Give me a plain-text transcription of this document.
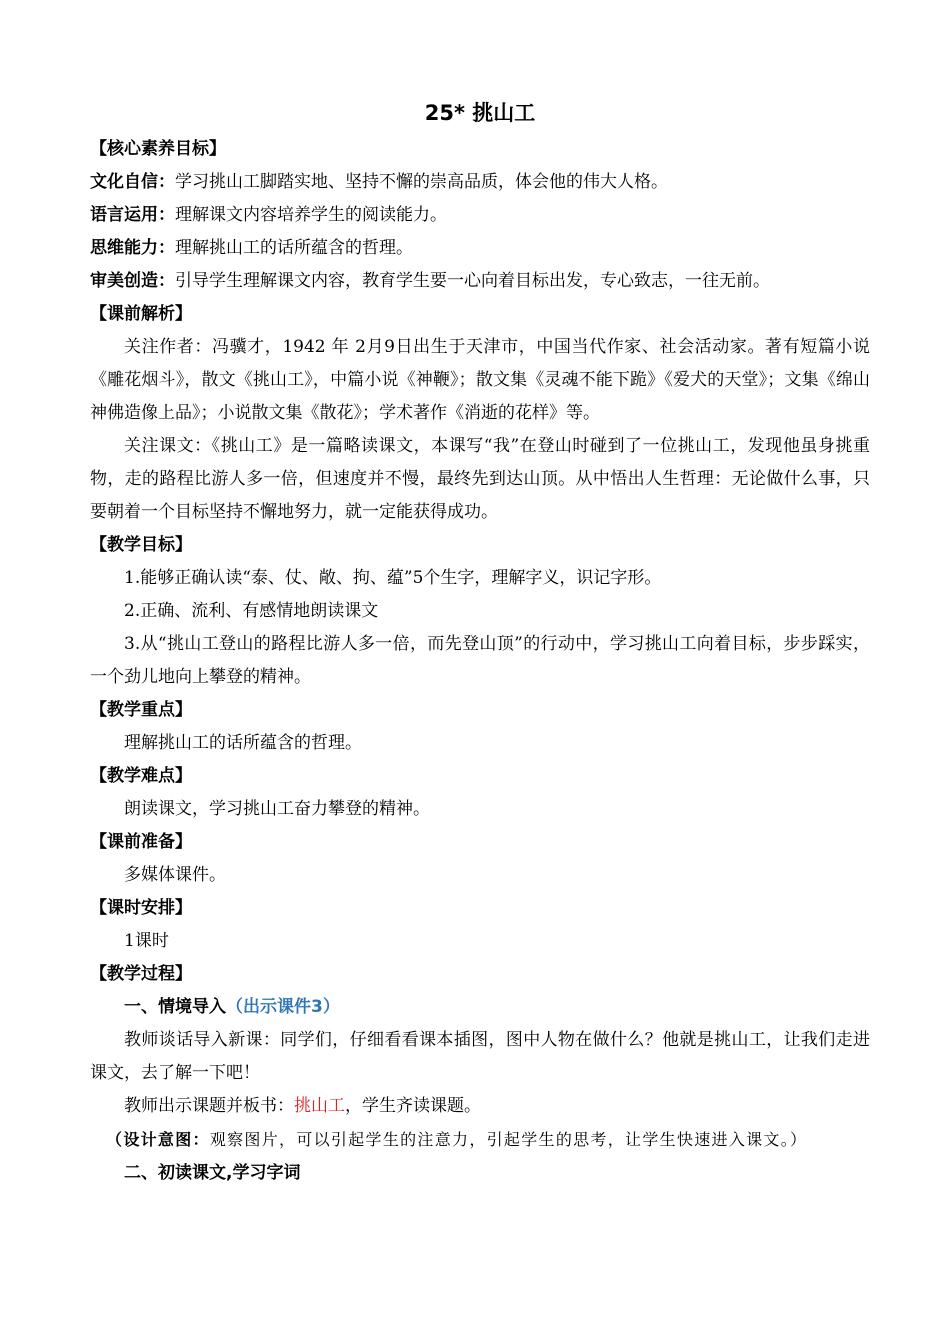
25* 挑山工

【核心素养目标】

文化自信：学习挑山工脚踏实地、坚持不懈的崇高品质，体会他的伟大人格。

语言运用：理解课文内容培养学生的阅读能力。

思维能力：理解挑山工的话所蕴含的哲理。

审美创造：引导学生理解课文内容，教育学生要一心向着目标出发，专心致志，一往无前。

【课前解析】

关注作者：冯骥才，1942 年 2月9日出生于天津市，中国当代作家、社会活动家。著有短篇小说《雕花烟斗》，散文《挑山工》，中篇小说《神鞭》；散文集《灵魂不能下跪》《爱犬的天堂》；文集《绵山神佛造像上品》；小说散文集《散花》；学术著作《消逝的花样》等。

关注课文：《挑山工》是一篇略读课文，本课写“我”在登山时碰到了一位挑山工，发现他虽身挑重物，走的路程比游人多一倍，但速度并不慢，最终先到达山顶。从中悟出人生哲理：无论做什么事，只要朝着一个目标坚持不懈地努力，就一定能获得成功。

【教学目标】

1.能够正确认读“泰、仗、敞、拘、蕴”5个生字，理解字义，识记字形。

2.正确、流利、有感情地朗读课文

3.从“挑山工登山的路程比游人多一倍，而先登山顶”的行动中，学习挑山工向着目标，步步踩实，一个劲儿地向上攀登的精神。

【教学重点】

理解挑山工的话所蕴含的哲理。

【教学难点】

朗读课文，学习挑山工奋力攀登的精神。

【课前准备】

多媒体课件。

【课时安排】

1课时

【教学过程】

一、情境导入（出示课件3）

教师谈话导入新课：同学们，仔细看看课本插图，图中人物在做什么？他就是挑山工，让我们走进课文，去了解一下吧！

教师出示课题并板书：挑山工，学生齐读课题。

（设计意图：观察图片，可以引起学生的注意力，引起学生的思考，让学生快速进入课文。）

二、初读课文,学习字词
